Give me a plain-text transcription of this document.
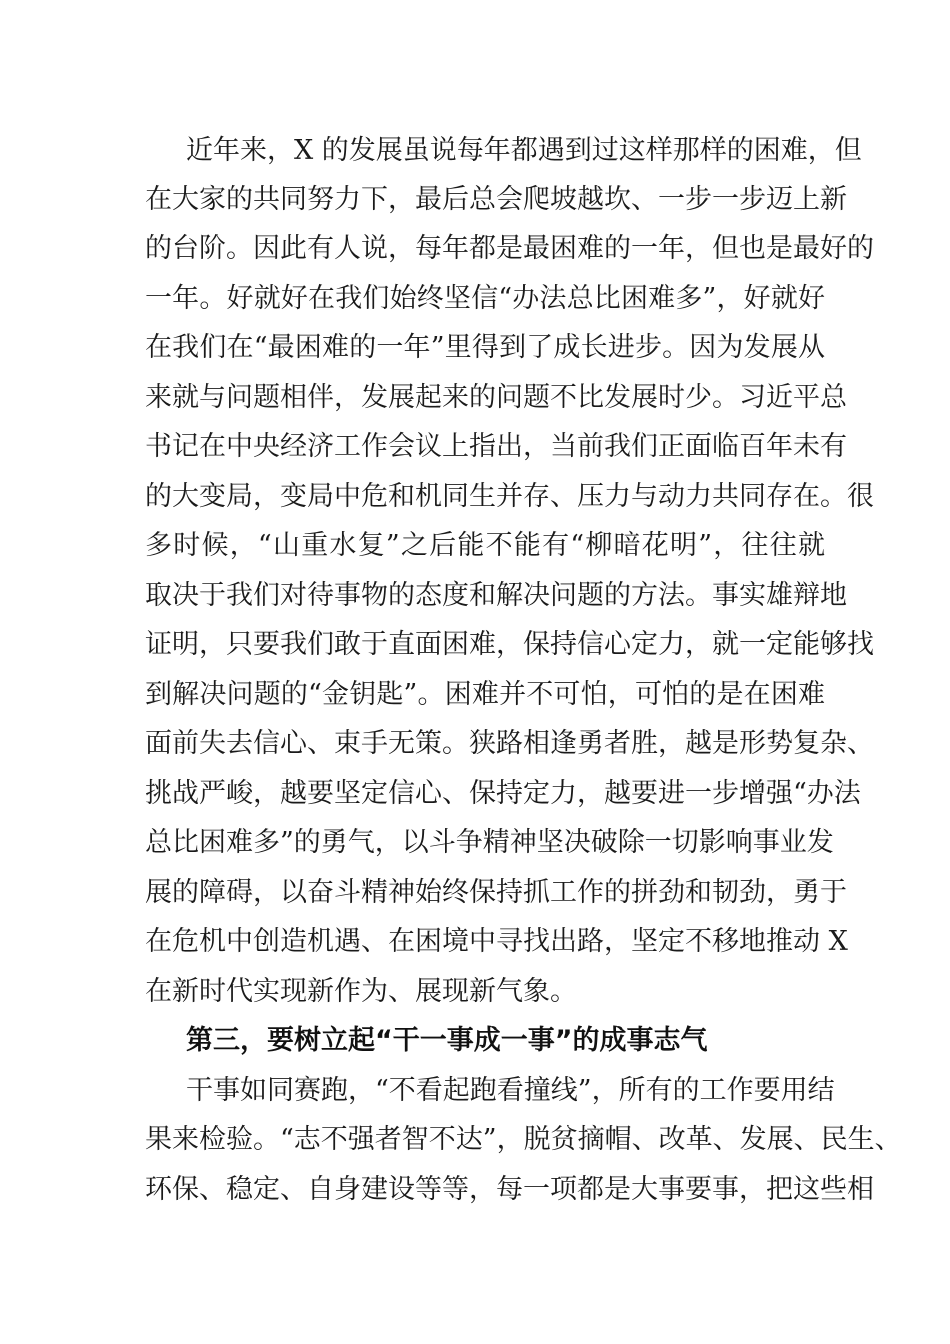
近年来，X 的发展虽说每年都遇到过这样那样的困难，但
在大家的共同努力下，最后总会爬坡越坎、一步一步迈上新
的台阶。因此有人说，每年都是最困难的一年，但也是最好的
一年。好就好在我们始终坚信“办法总比困难多”，好就好
在我们在“最困难的一年”里得到了成长进步。因为发展从
来就与问题相伴，发展起来的问题不比发展时少。习近平总
书记在中央经济工作会议上指出，当前我们正面临百年未有
的大变局，变局中危和机同生并存、压力与动力共同存在。很
多时候，“山重水复”之后能不能有“柳暗花明”，往往就
取决于我们对待事物的态度和解决问题的方法。事实雄辩地
证明，只要我们敢于直面困难，保持信心定力，就一定能够找
到解决问题的“金钥匙”。困难并不可怕，可怕的是在困难
面前失去信心、束手无策。狭路相逢勇者胜，越是形势复杂、
挑战严峻，越要坚定信心、保持定力，越要进一步增强“办法
总比困难多”的勇气，以斗争精神坚决破除一切影响事业发
展的障碍，以奋斗精神始终保持抓工作的拼劲和韧劲，勇于
在危机中创造机遇、在困境中寻找出路，坚定不移地推动 X
在新时代实现新作为、展现新气象。
第三，要树立起“干一事成一事”的成事志气
干事如同赛跑，“不看起跑看撞线”，所有的工作要用结
果来检验。“志不强者智不达”，脱贫摘帽、改革、发展、民生、
环保、稳定、自身建设等等，每一项都是大事要事，把这些相
